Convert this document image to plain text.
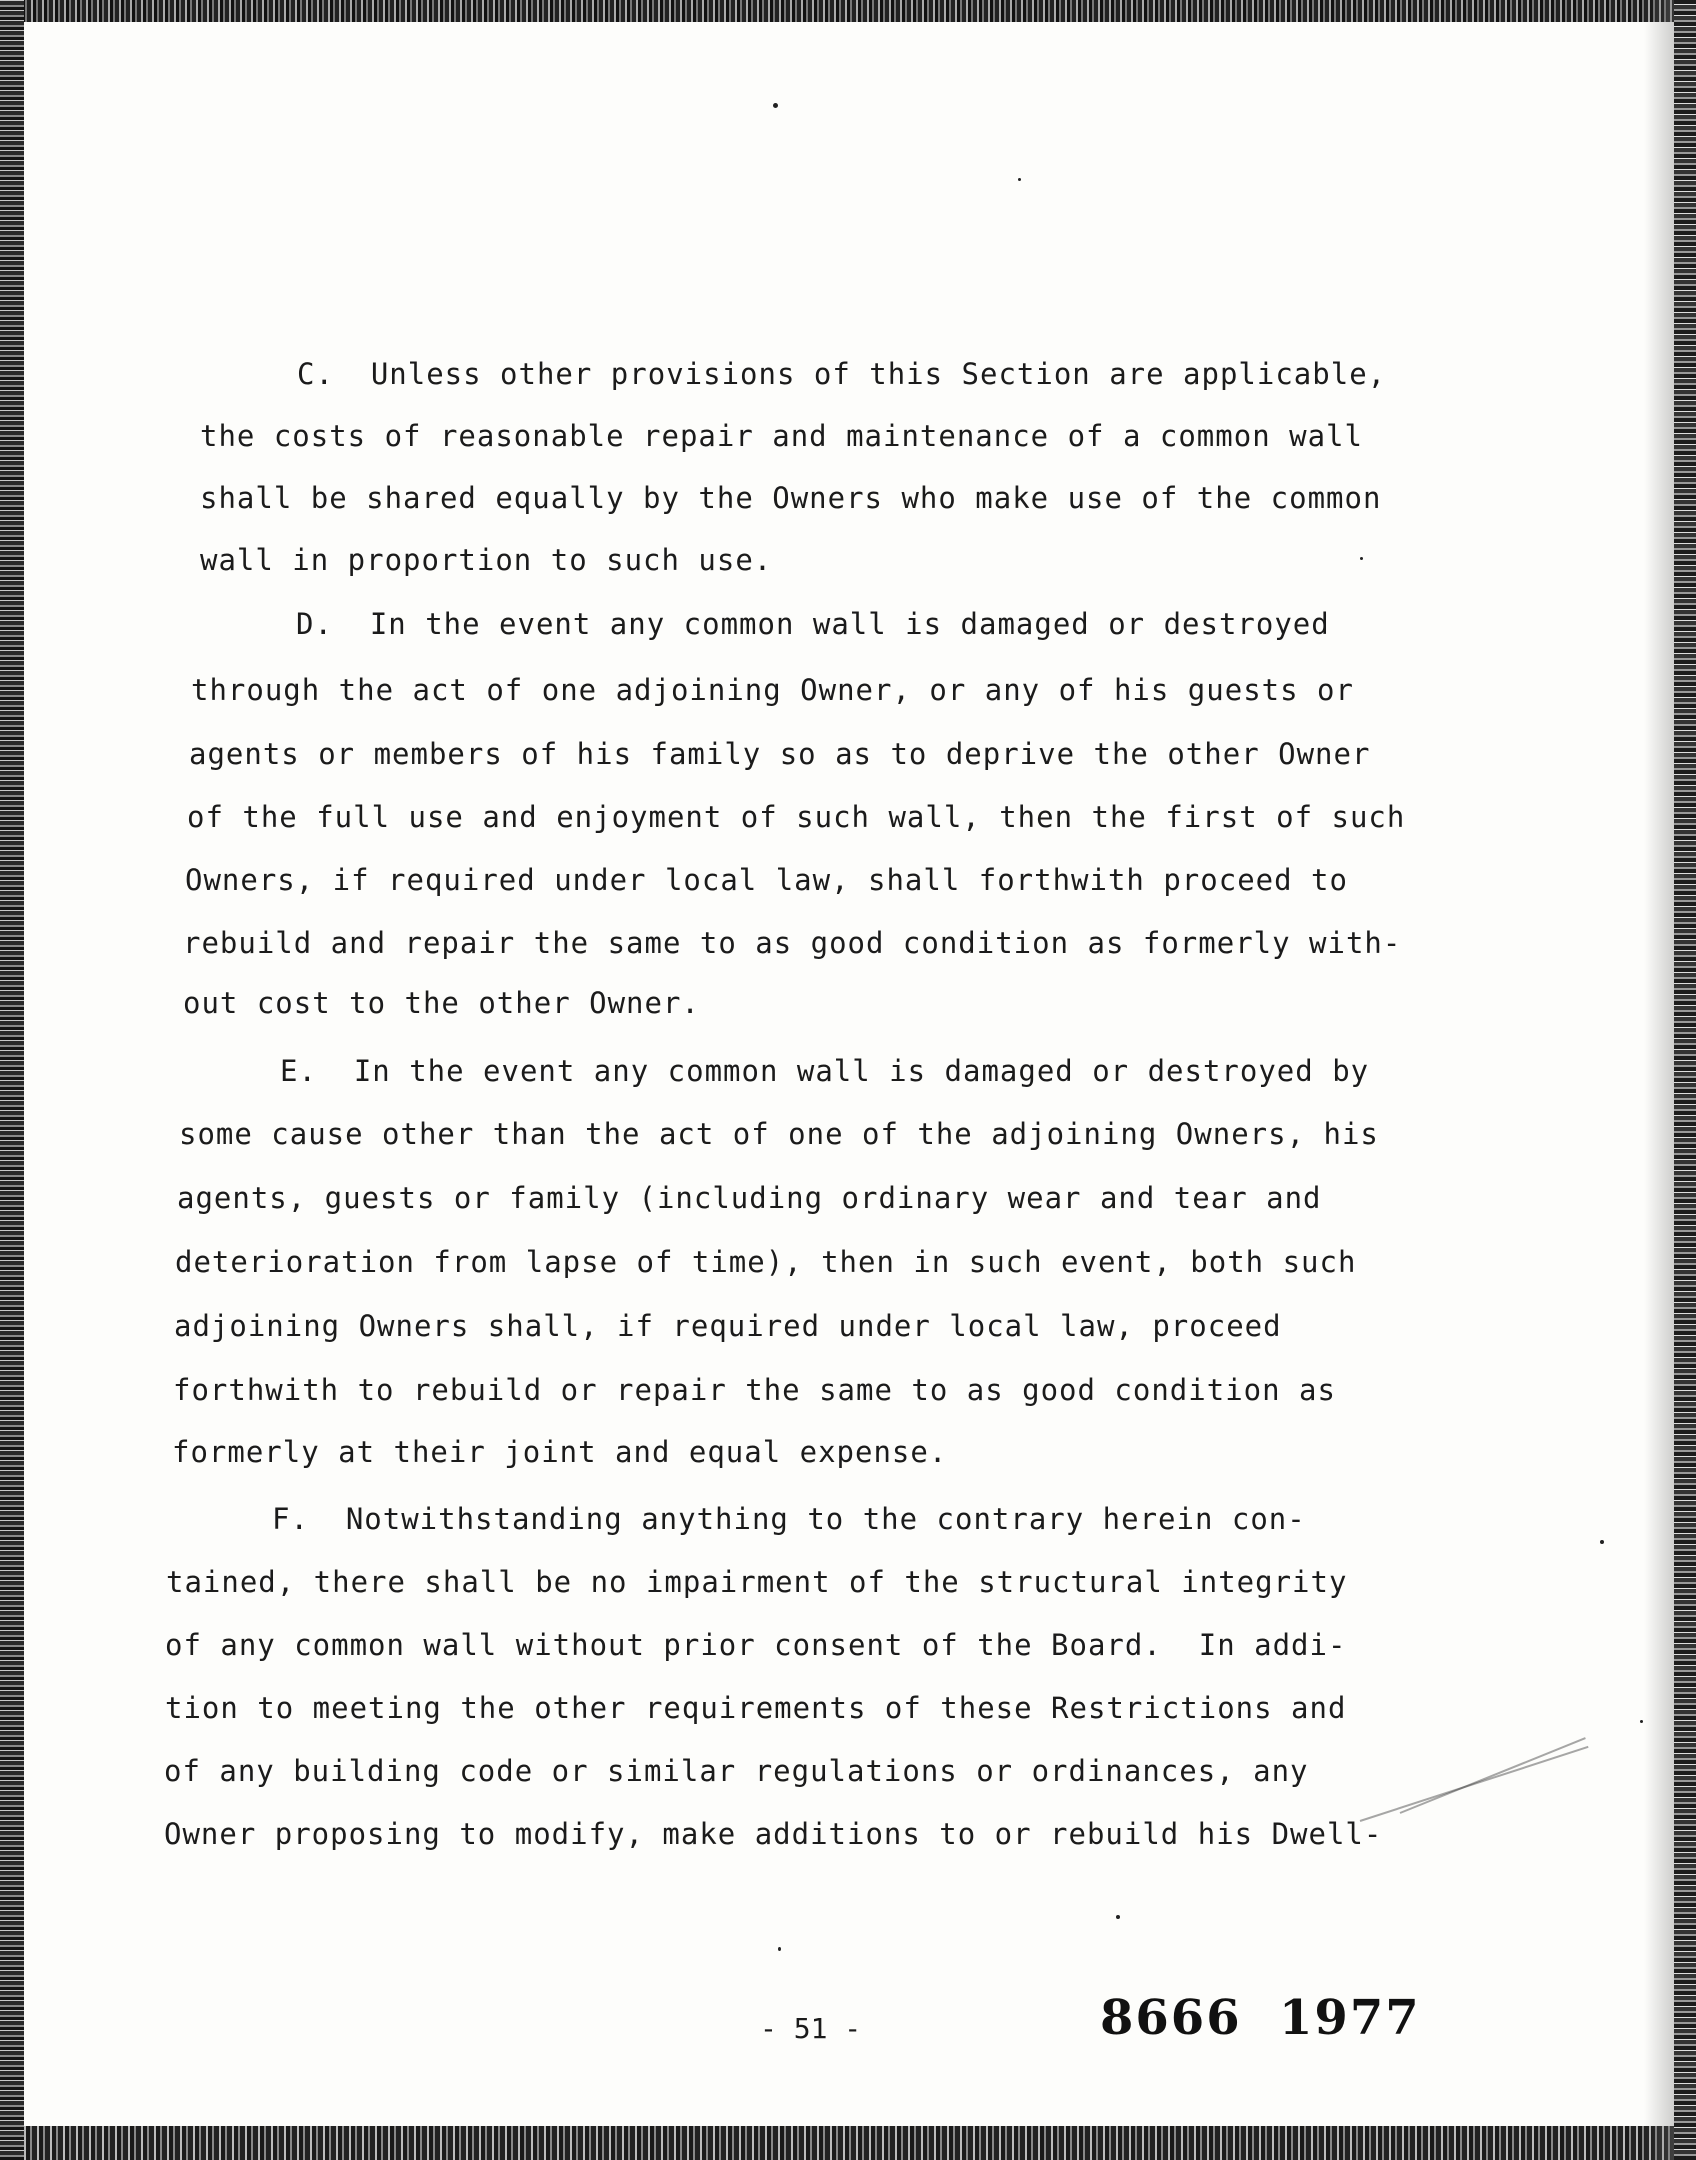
C.  Unless other provisions of this Section are applicable,
the costs of reasonable repair and maintenance of a common wall
shall be shared equally by the Owners who make use of the common
wall in proportion to such use.
D.  In the event any common wall is damaged or destroyed
through the act of one adjoining Owner, or any of his guests or
agents or members of his family so as to deprive the other Owner
of the full use and enjoyment of such wall, then the first of such
Owners, if required under local law, shall forthwith proceed to
rebuild and repair the same to as good condition as formerly with-
out cost to the other Owner.
E.  In the event any common wall is damaged or destroyed by
some cause other than the act of one of the adjoining Owners, his
agents, guests or family (including ordinary wear and tear and
deterioration from lapse of time), then in such event, both such
adjoining Owners shall, if required under local law, proceed
forthwith to rebuild or repair the same to as good condition as
formerly at their joint and equal expense.
F.  Notwithstanding anything to the contrary herein con-
tained, there shall be no impairment of the structural integrity
of any common wall without prior consent of the Board.  In addi-
tion to meeting the other requirements of these Restrictions and
of any building code or similar regulations or ordinances, any
Owner proposing to modify, make additions to or rebuild his Dwell-
- 51 -	8666  1977
